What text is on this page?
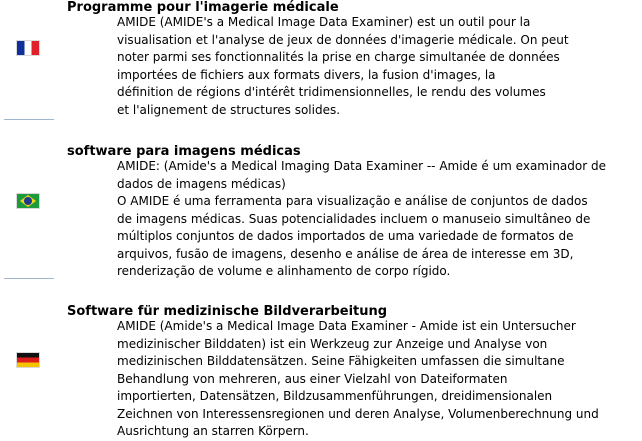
Programme pour l'imagerie médicale
AMIDE (AMIDE's a Medical Image Data Examiner) est un outil pour la
visualisation et l'analyse de jeux de données d'imagerie médicale. On peut
noter parmi ses fonctionnalités la prise en charge simultanée de données
importées de fichiers aux formats divers, la fusion d'images, la
définition de régions d'intérêt tridimensionnelles, le rendu des volumes
et l'alignement de structures solides.
software para imagens médicas
AMIDE: (Amide's a Medical Imaging Data Examiner -- Amide é um examinador de
dados de imagens médicas)
O AMIDE é uma ferramenta para visualização e análise de conjuntos de dados
de imagens médicas. Suas potencialidades incluem o manuseio simultâneo de
múltiplos conjuntos de dados importados de uma variedade de formatos de
arquivos, fusão de imagens, desenho e análise de área de interesse em 3D,
renderização de volume e alinhamento de corpo rígido.
Software für medizinische Bildverarbeitung
AMIDE (Amide's a Medical Image Data Examiner - Amide ist ein Untersucher
medizinischer Bilddaten) ist ein Werkzeug zur Anzeige und Analyse von
medizinischen Bilddatensätzen. Seine Fähigkeiten umfassen die simultane
Behandlung von mehreren, aus einer Vielzahl von Dateiformaten
importierten, Datensätzen, Bildzusammenführungen, dreidimensionalen
Zeichnen von Interessensregionen und deren Analyse, Volumenberechnung und
Ausrichtung an starren Körpern.
